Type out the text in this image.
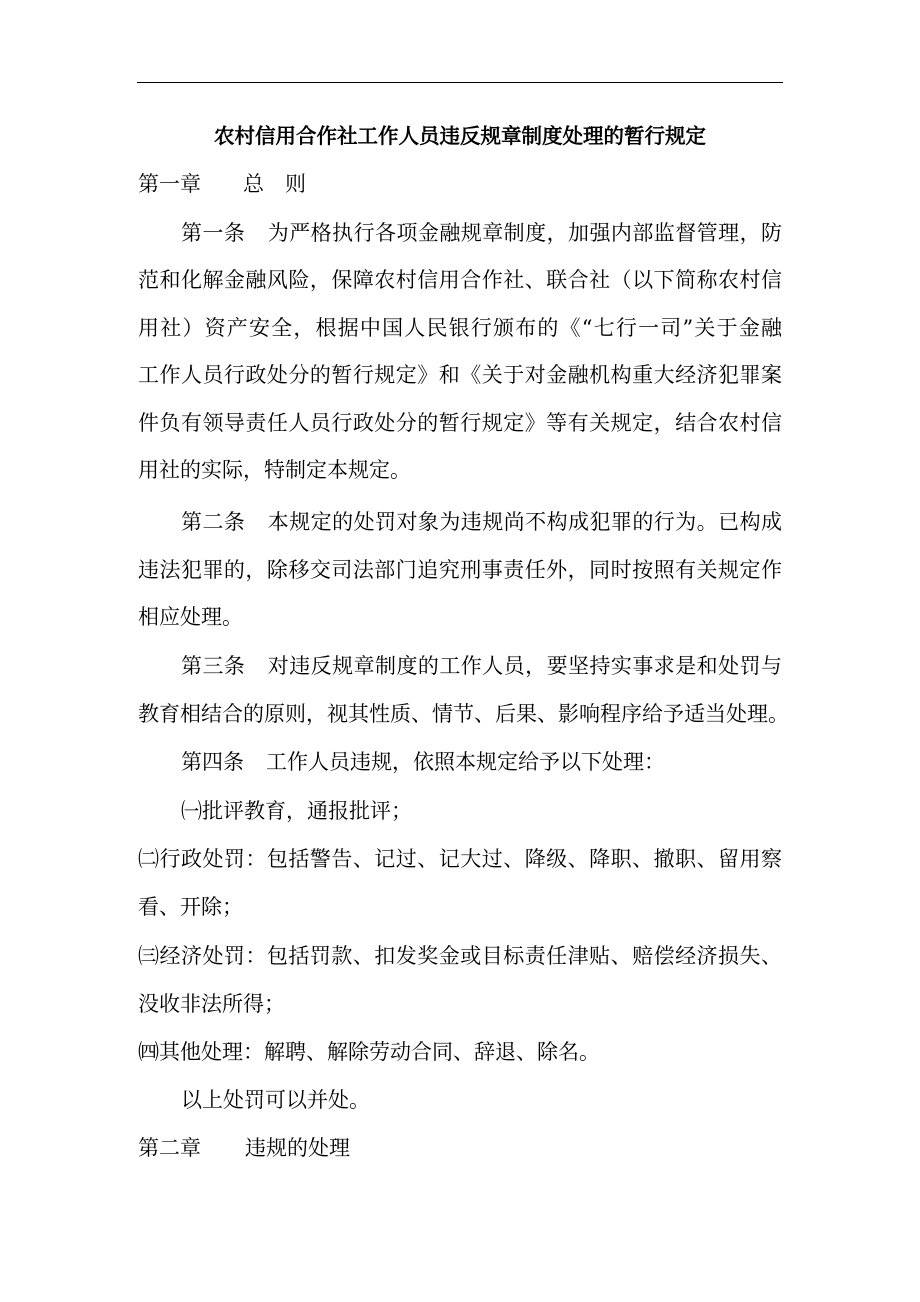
农村信用合作社工作人员违反规章制度处理的暂行规定
第一章 总　则
第一条 为严格执行各项金融规章制度，加强内部监督管理，防
范和化解金融风险，保障农村信用合作社、联合社（以下简称农村信
用社）资产安全，根据中国人民银行颁布的《“七行一司”关于金融
工作人员行政处分的暂行规定》和《关于对金融机构重大经济犯罪案
件负有领导责任人员行政处分的暂行规定》等有关规定，结合农村信
用社的实际，特制定本规定。
第二条 本规定的处罚对象为违规尚不构成犯罪的行为。已构成
违法犯罪的，除移交司法部门追究刑事责任外，同时按照有关规定作
相应处理。
第三条 对违反规章制度的工作人员，要坚持实事求是和处罚与
教育相结合的原则，视其性质、情节、后果、影响程序给予适当处理。
第四条 工作人员违规，依照本规定给予以下处理：
㈠批评教育，通报批评；
㈡行政处罚：包括警告、记过、记大过、降级、降职、撤职、留用察
看、开除；
㈢经济处罚：包括罚款、扣发奖金或目标责任津贴、赔偿经济损失、
没收非法所得；
㈣其他处理：解聘、解除劳动合同、辞退、除名。
以上处罚可以并处。
第二章 违规的处理
